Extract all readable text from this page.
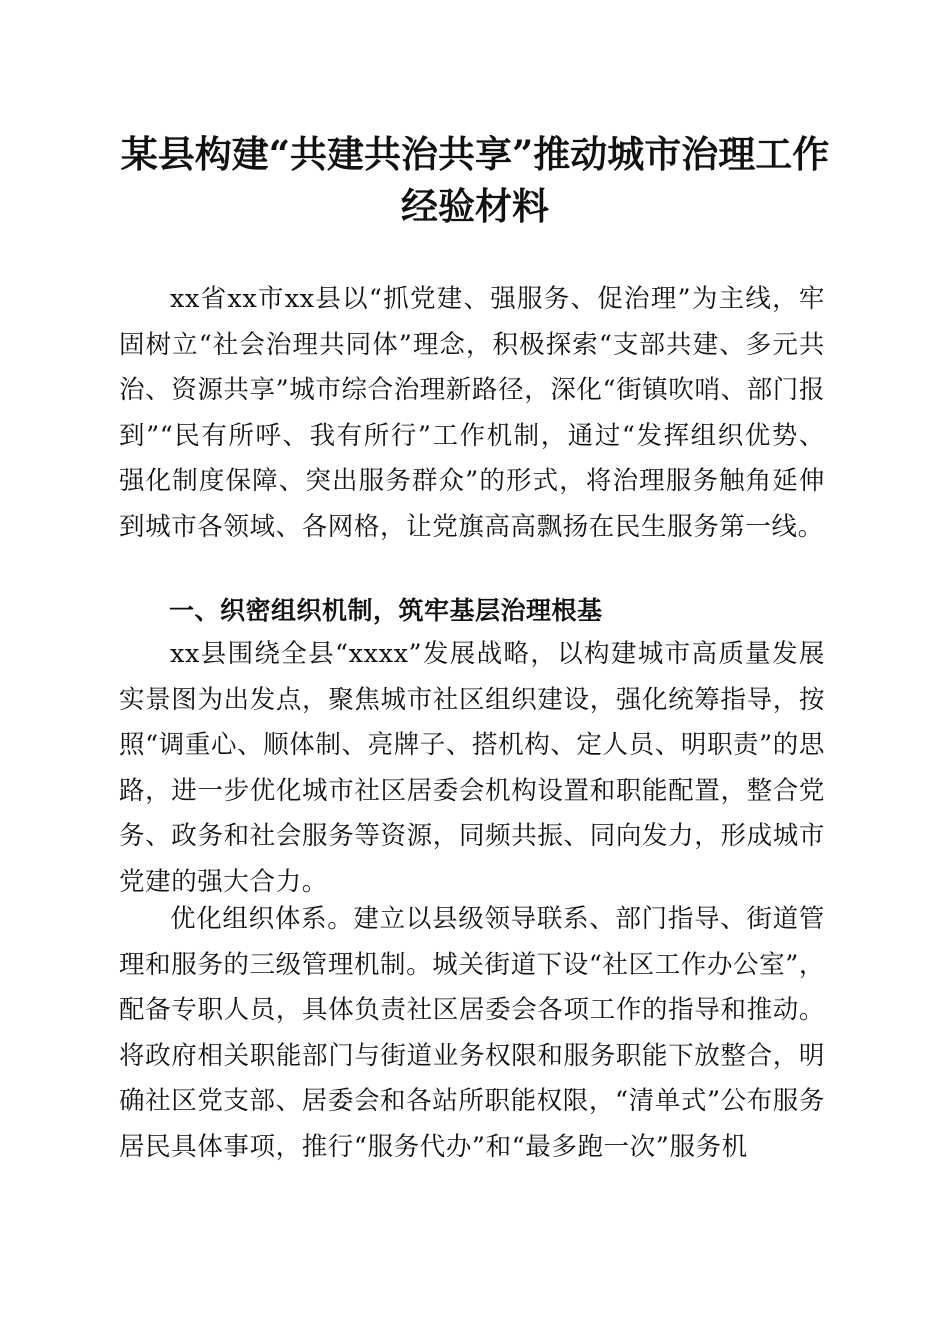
某县构建“共建共治共享”推动城市治理工作
经验材料

xx省xx市xx县以“抓党建、强服务、促治理”为主线，牢固树立“社会治理共同体”理念，积极探索“支部共建、多元共治、资源共享”城市综合治理新路径，深化“街镇吹哨、部门报到”“民有所呼、我有所行”工作机制，通过“发挥组织优势、强化制度保障、突出服务群众”的形式，将治理服务触角延伸到城市各领域、各网格，让党旗高高飘扬在民生服务第一线。

一、织密组织机制，筑牢基层治理根基

xx县围绕全县“xxxx”发展战略，以构建城市高质量发展实景图为出发点，聚焦城市社区组织建设，强化统筹指导，按照“调重心、顺体制、亮牌子、搭机构、定人员、明职责”的思路，进一步优化城市社区居委会机构设置和职能配置，整合党务、政务和社会服务等资源，同频共振、同向发力，形成城市党建的强大合力。

优化组织体系。建立以县级领导联系、部门指导、街道管理和服务的三级管理机制。城关街道下设“社区工作办公室”，配备专职人员，具体负责社区居委会各项工作的指导和推动。将政府相关职能部门与街道业务权限和服务职能下放整合，明确社区党支部、居委会和各站所职能权限，“清单式”公布服务居民具体事项，推行“服务代办”和“最多跑一次”服务机
